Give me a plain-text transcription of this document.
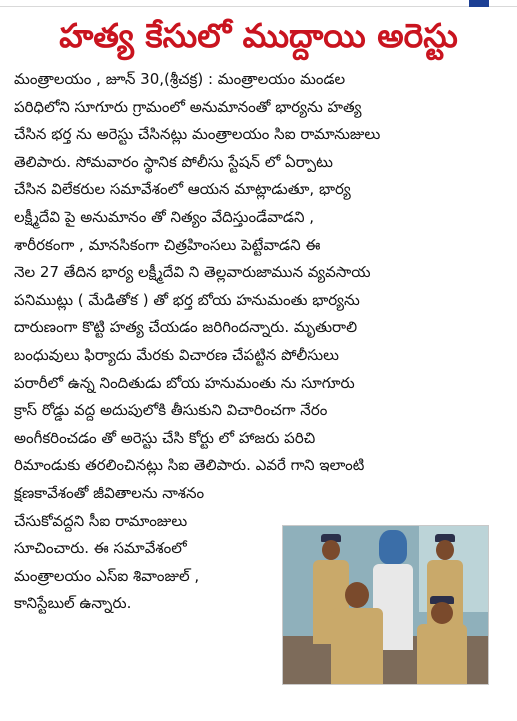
హత్య కేసులో ముద్దాయి అరెస్టు
మంత్రాలయం , జూన్ 30,(శ్రీచక్ర) : మంత్రాలయం మండల
పరిధిలోని సూగూరు గ్రామంలో అనుమానంతో భార్యను హత్య
చేసిన భర్త ను అరెస్టు చేసినట్లు మంత్రాలయం సిఐ రామానుజులు
తెలిపారు. సోమవారం స్థానిక పోలీసు స్టేషన్ లో ఏర్పాటు
చేసిన విలేకరుల సమావేశంలో ఆయన మాట్లాడుతూ, భార్య
లక్ష్మీదేవి పై అనుమానం తో నిత్యం వేదిస్తుండేవాడని ,
శారీరకంగా , మానసికంగా చిత్రహింసలు పెట్టేవాడని ఈ
నెల 27 తేదిన భార్య లక్ష్మీదేవి ని తెల్లవారుజామున వ్యవసాయ
పనిముట్లు ( మేడితోక ) తో భర్త బోయ హనుమంతు భార్యను
దారుణంగా కొట్టి హత్య చేయడం జరిగిందన్నారు. మృతురాలి
బంధువులు ఫిర్యాదు మేరకు విచారణ చేపట్టిన పోలీసులు
పరారీలో ఉన్న నిందితుడు బోయ హనుమంతు ను సూగూరు
క్రాస్ రోడ్డు వద్ద అదుపులోకి తీసుకుని విచారించగా నేరం
అంగీకరించడం తో అరెస్టు చేసి కోర్టు లో హాజరు పరిచి
రిమాండుకు తరలించినట్లు సిఐ తెలిపారు. ఎవరే గాని ఇలాంటి
క్షణకావేశంతో జీవితాలను నాశనం
చేసుకోవద్దని సీఐ రామాంజులు
సూచించారు. ఈ సమావేశంలో
మంత్రాలయం ఎస్ఐ శివాంజుల్ ,
కానిస్టేబుల్ ఉన్నారు.
